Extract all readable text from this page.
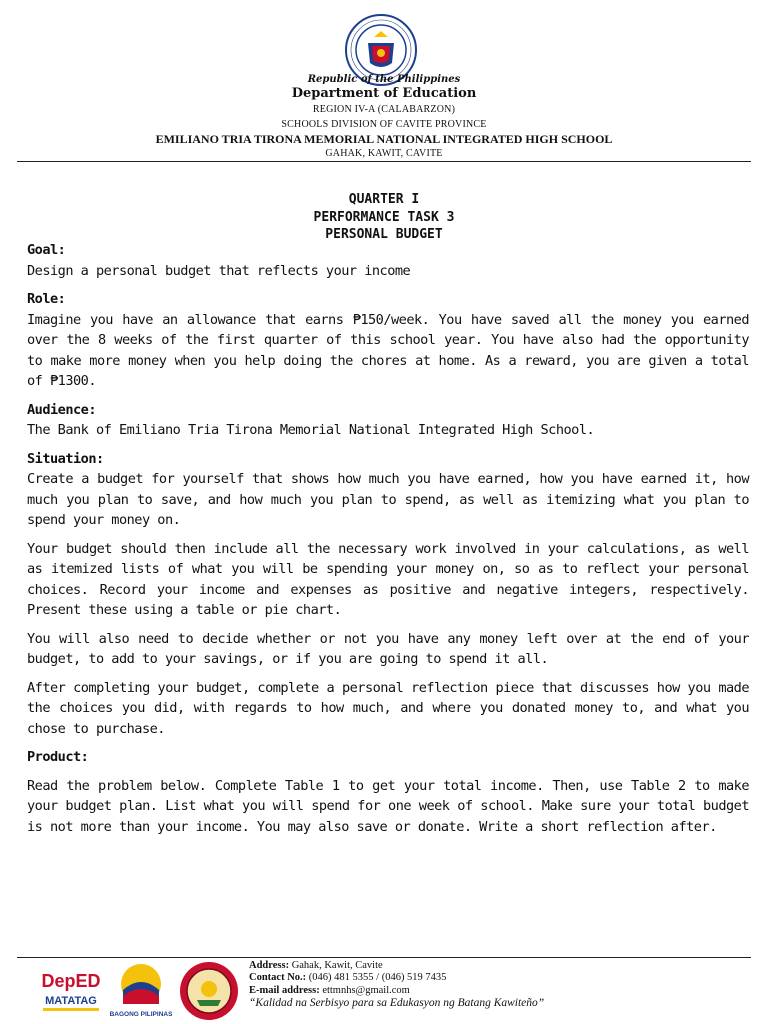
Republic of the Philippines
Department of Education
REGION IV-A (CALABARZON)
SCHOOLS DIVISION OF CAVITE PROVINCE
EMILIANO TRIA TIRONA MEMORIAL NATIONAL INTEGRATED HIGH SCHOOL
GAHAK, KAWIT, CAVITE
QUARTER I
PERFORMANCE TASK 3
PERSONAL BUDGET

Goal:

Design a personal budget that reflects your income

Role:

Imagine you have an allowance that earns ₱150/week. You have saved all the money you earned over the 8 weeks of the first quarter of this school year. You have also had the opportunity to make more money when you help doing the chores at home. As a reward, you are given a total of ₱1300.

Audience:

The Bank of Emiliano Tria Tirona Memorial National Integrated High School.

Situation:

Create a budget for yourself that shows how much you have earned, how you have earned it, how much you plan to save, and how much you plan to spend, as well as itemizing what you plan to spend your money on.

Your budget should then include all the necessary work involved in your calculations, as well as itemized lists of what you will be spending your money on, so as to reflect your personal choices. Record your income and expenses as positive and negative integers, respectively. Present these using a table or pie chart.

You will also need to decide whether or not you have any money left over at the end of your budget, to add to your savings, or if you are going to spend it all.

After completing your budget, complete a personal reflection piece that discusses how you made the choices you did, with regards to how much, and where you donated money to, and what you chose to purchase.

Product:

Read the problem below. Complete Table 1 to get your total income. Then, use Table 2 to make your budget plan. List what you will spend for one week of school. Make sure your total budget is not more than your income. You may also save or donate. Write a short reflection after.

DepED
MATATAG
BAGONG PILIPINAS
Address: Gahak, Kawit, Cavite
Contact No.: (046) 481 5355 / (046) 519 7435
E-mail address: ettmnhs@gmail.com
“Kalidad na Serbisyo para sa Edukasyon ng Batang Kawiteño”
